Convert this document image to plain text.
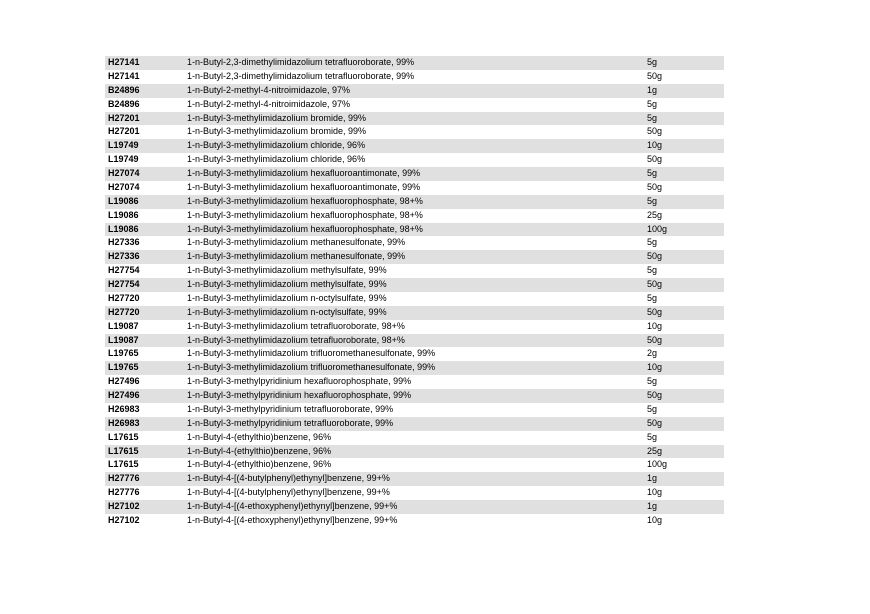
H27141	1-n-Butyl-2,3-dimethylimidazolium tetrafluoroborate, 99%	5g
H27141	1-n-Butyl-2,3-dimethylimidazolium tetrafluoroborate, 99%	50g
B24896	1-n-Butyl-2-methyl-4-nitroimidazole, 97%	1g
B24896	1-n-Butyl-2-methyl-4-nitroimidazole, 97%	5g
H27201	1-n-Butyl-3-methylimidazolium bromide, 99%	5g
H27201	1-n-Butyl-3-methylimidazolium bromide, 99%	50g
L19749	1-n-Butyl-3-methylimidazolium chloride, 96%	10g
L19749	1-n-Butyl-3-methylimidazolium chloride, 96%	50g
H27074	1-n-Butyl-3-methylimidazolium hexafluoroantimonate, 99%	5g
H27074	1-n-Butyl-3-methylimidazolium hexafluoroantimonate, 99%	50g
L19086	1-n-Butyl-3-methylimidazolium hexafluorophosphate, 98+%	5g
L19086	1-n-Butyl-3-methylimidazolium hexafluorophosphate, 98+%	25g
L19086	1-n-Butyl-3-methylimidazolium hexafluorophosphate, 98+%	100g
H27336	1-n-Butyl-3-methylimidazolium methanesulfonate, 99%	5g
H27336	1-n-Butyl-3-methylimidazolium methanesulfonate, 99%	50g
H27754	1-n-Butyl-3-methylimidazolium methylsulfate, 99%	5g
H27754	1-n-Butyl-3-methylimidazolium methylsulfate, 99%	50g
H27720	1-n-Butyl-3-methylimidazolium n-octylsulfate, 99%	5g
H27720	1-n-Butyl-3-methylimidazolium n-octylsulfate, 99%	50g
L19087	1-n-Butyl-3-methylimidazolium tetrafluoroborate, 98+%	10g
L19087	1-n-Butyl-3-methylimidazolium tetrafluoroborate, 98+%	50g
L19765	1-n-Butyl-3-methylimidazolium trifluoromethanesulfonate, 99%	2g
L19765	1-n-Butyl-3-methylimidazolium trifluoromethanesulfonate, 99%	10g
H27496	1-n-Butyl-3-methylpyridinium hexafluorophosphate, 99%	5g
H27496	1-n-Butyl-3-methylpyridinium hexafluorophosphate, 99%	50g
H26983	1-n-Butyl-3-methylpyridinium tetrafluoroborate, 99%	5g
H26983	1-n-Butyl-3-methylpyridinium tetrafluoroborate, 99%	50g
L17615	1-n-Butyl-4-(ethylthio)benzene, 96%	5g
L17615	1-n-Butyl-4-(ethylthio)benzene, 96%	25g
L17615	1-n-Butyl-4-(ethylthio)benzene, 96%	100g
H27776	1-n-Butyl-4-[(4-butylphenyl)ethynyl]benzene, 99+%	1g
H27776	1-n-Butyl-4-[(4-butylphenyl)ethynyl]benzene, 99+%	10g
H27102	1-n-Butyl-4-[(4-ethoxyphenyl)ethynyl]benzene, 99+%	1g
H27102	1-n-Butyl-4-[(4-ethoxyphenyl)ethynyl]benzene, 99+%	10g
